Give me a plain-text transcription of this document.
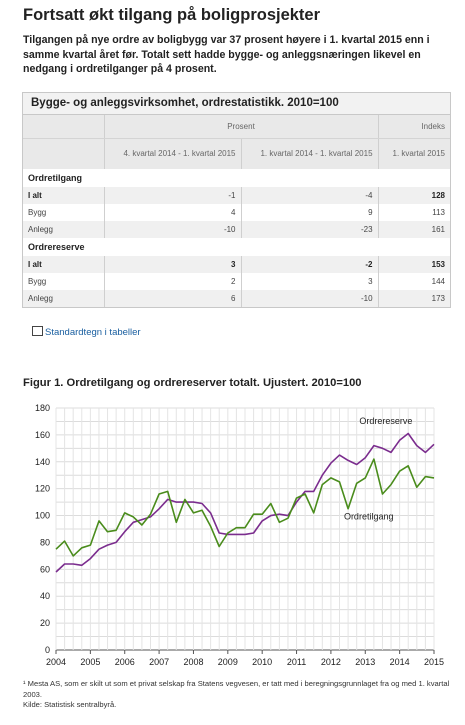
Fortsatt økt tilgang på boligprosjekter

Tilgangen på nye ordre av boligbygg var 37 prosent høyere i 1. kvartal 2015 enn i samme kvartal året før. Totalt sett hadde bygge- og anleggsnæringen likevel en nedgang i ordretilganger på 4 prosent.

Bygge- og anleggsvirksomhet, ordrestatistikk. 2010=100
	Prosent		Indeks
	4. kvartal 2014 - 1. kvartal 2015	1. kvartal 2014 - 1. kvartal 2015	1. kvartal 2015
Ordretilgang			
I alt	-1	-4	128
Bygg	4	9	113
Anlegg	-10	-23	161
Ordrereserve			
I alt	3	-2	153
Bygg	2	3	144
Anlegg	6	-10	173
Standardtegn i tabeller
Figur 1. Ordretilgang og ordrereserver totalt. Ujustert. 2010=100
0
20
40
60
80
100
120
140
160
180
2004 2005 2006 2007 2008 2009 2010 2011 2012 2013 2014 2015
Ordrereserve
Ordretilgang
¹ Mesta AS, som er skilt ut som et privat selskap fra Statens vegvesen, er tatt med i beregningsgrunnlaget fra og med 1. kvartal 2003.
Kilde: Statistisk sentralbyrå.
